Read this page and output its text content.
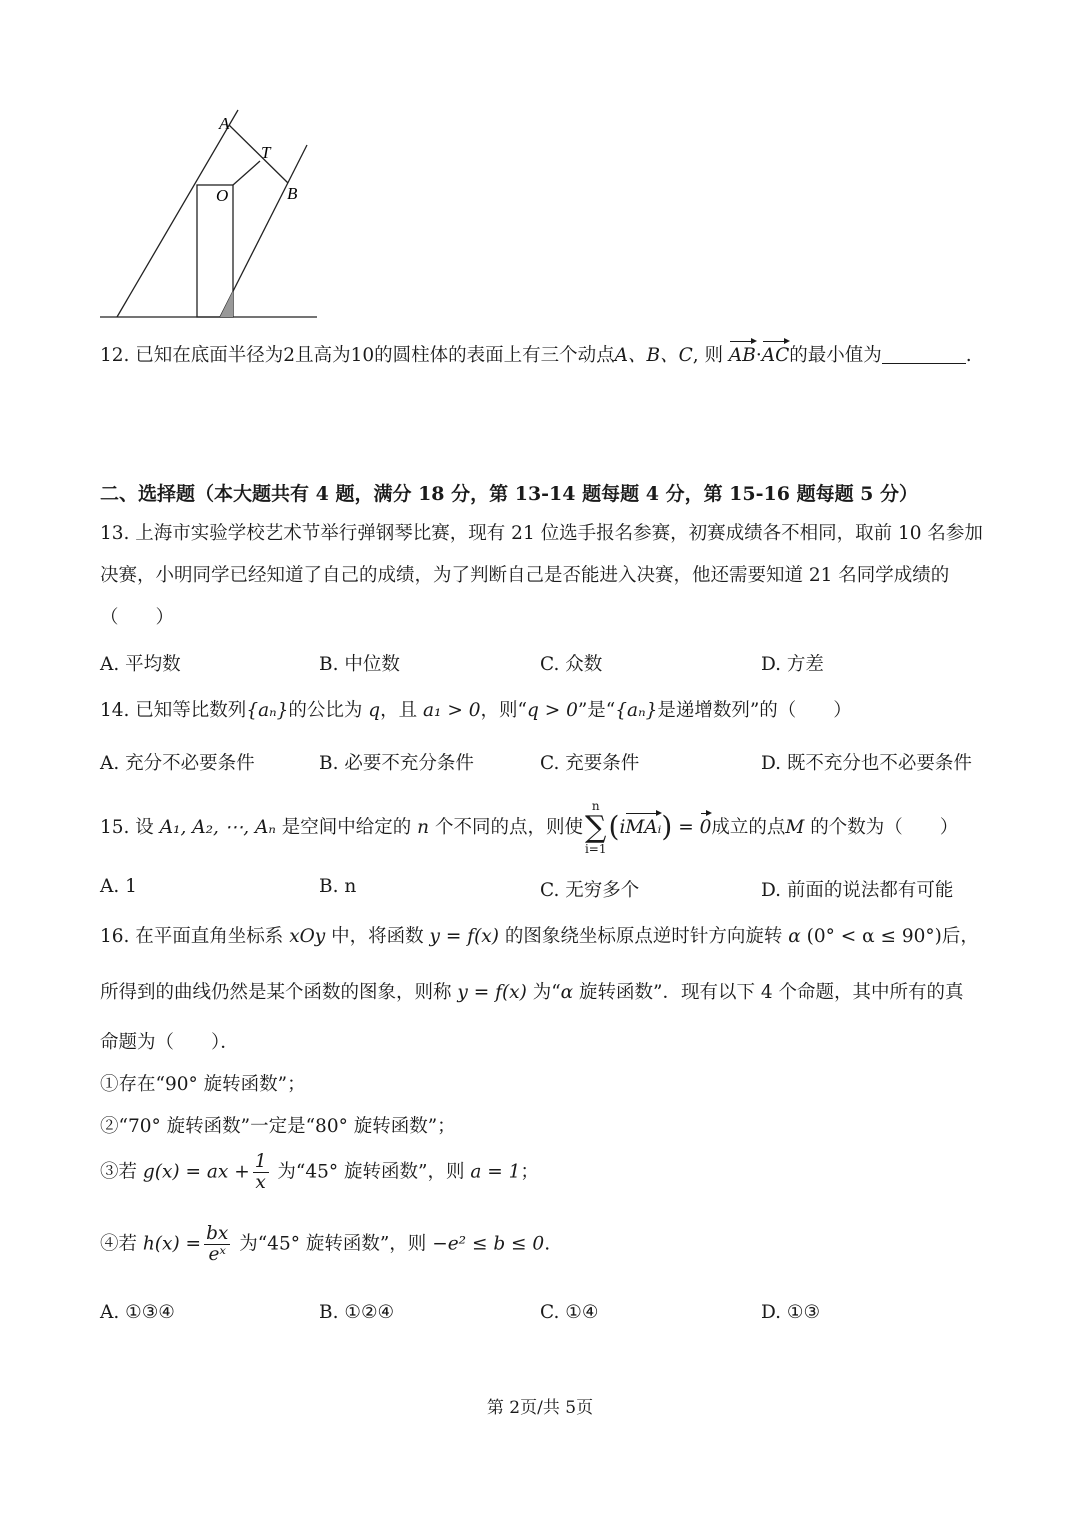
A
T
O	B
12. 已知在底面半径为2且高为10的圆柱体的表面上有三个动点A、B、C, 则 AB·AC的最小值为	.
二、选择题（本大题共有 4 题，满分 18 分，第 13-14 题每题 4 分，第 15-16 题每题 5 分）
13. 上海市实验学校艺术节举行弹钢琴比赛，现有 21 位选手报名参赛，初赛成绩各不相同，取前 10 名参加
决赛，小明同学已经知道了自己的成绩，为了判断自己是否能进入决赛，他还需要知道 21 名同学成绩的
（　　）
A. 平均数	B. 中位数	C. 众数	D. 方差
14. 已知等比数列{aₙ}的公比为 q，且 a₁ > 0，则“q > 0”是“{aₙ}是递增数列”的（　　）
A. 充分不必要条件	B. 必要不充分条件	C. 充要条件	D. 既不充分也不必要条件
15. 设 A₁, A₂, ⋯, Aₙ 是空间中给定的 n 个不同的点，则使n
∑
i=1(iMAᵢ) = 0成立的点M 的个数为（　　）
A. 1	B. n	C. 无穷多个	D. 前面的说法都有可能
16. 在平面直角坐标系 xOy 中，将函数 y = f(x) 的图象绕坐标原点逆时针方向旋转 α (0° < α ≤ 90°)后，
所得到的曲线仍然是某个函数的图象，则称 y = f(x) 为“α 旋转函数”．现有以下 4 个命题，其中所有的真
命题为（　　）．
①存在“90° 旋转函数”；
②“70° 旋转函数”一定是“80° 旋转函数”；
③若 g(x) = ax + $\frac{1}{x}$ 为“45° 旋转函数”，则 a = 1；
④若 $h(x) = \frac{bx}{\text{eˣ}}$ 为“45° 旋转函数”，则 −e² ≤ b ≤ 0.
A. ①③④	B. ①②④	C. ①④	D. ①③
第 2页/共 5页
